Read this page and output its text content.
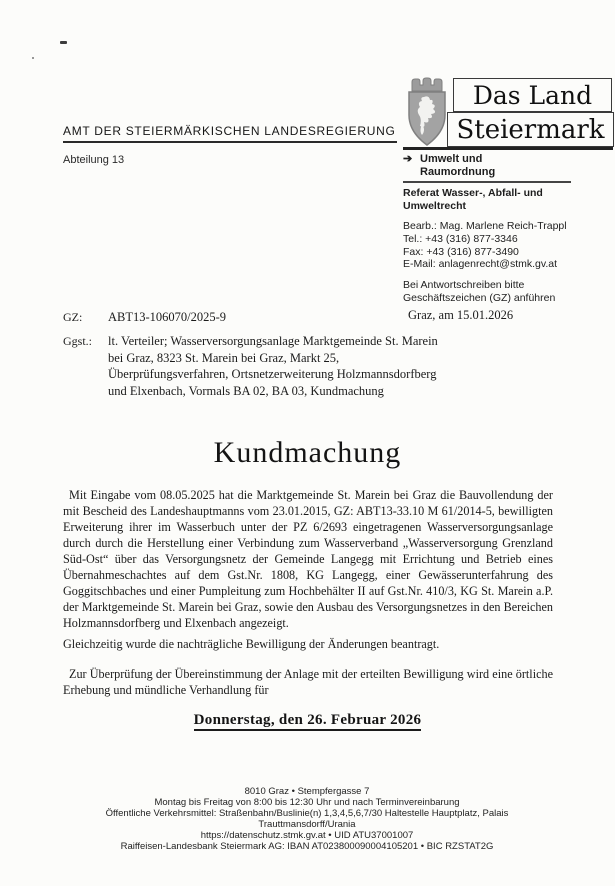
AMT DER STEIERMÄRKISCHEN LANDESREGIERUNG
Abteilung 13
Das Land
Steiermark
➔ Umwelt und
Raumordnung
Referat Wasser-, Abfall- und
Umweltrecht
Bearb.: Mag. Marlene Reich-Trappl
Tel.: +43 (316) 877-3346
Fax: +43 (316) 877-3490
E-Mail: anlagenrecht@stmk.gv.at
Bei Antwortschreiben bitte
Geschäftszeichen (GZ) anführen
Graz, am 15.01.2026
GZ: ABT13-106070/2025-9
Ggst.: lt. Verteiler; Wasserversorgungsanlage Marktgemeinde St. Marein bei Graz, 8323 St. Marein bei Graz, Markt 25, Überprüfungsverfahren, Ortsnetzerweiterung Holzmannsdorfberg und Elxenbach, Vormals BA 02, BA 03, Kundmachung
Kundmachung
Mit Eingabe vom 08.05.2025 hat die Marktgemeinde St. Marein bei Graz die Bauvollendung der mit Bescheid des Landeshauptmanns vom 23.01.2015, GZ: ABT13-33.10 M 61/2014-5, bewilligten Erweiterung ihrer im Wasserbuch unter der PZ 6/2693 eingetragenen Wasserversorgungsanlage durch durch die Herstellung einer Verbindung zum Wasserverband „Wasserversorgung Grenzland Süd-Ost“ über das Versorgungsnetz der Gemeinde Langegg mit Errichtung und Betrieb eines Übernahmeschachtes auf dem Gst.Nr. 1808, KG Langegg, einer Gewässerunterfahrung des Goggitschbaches und einer Pumpleitung zum Hochbehälter II auf Gst.Nr. 410/3, KG St. Marein a.P. der Marktgemeinde St. Marein bei Graz, sowie den Ausbau des Versorgungsnetzes in den Bereichen Holzmannsdorfberg und Elxenbach angezeigt.
Gleichzeitig wurde die nachträgliche Bewilligung der Änderungen beantragt.
Zur Überprüfung der Übereinstimmung der Anlage mit der erteilten Bewilligung wird eine örtliche Erhebung und mündliche Verhandlung für
Donnerstag, den 26. Februar 2026
8010 Graz • Stempfergasse 7
Montag bis Freitag von 8:00 bis 12:30 Uhr und nach Terminvereinbarung
Öffentliche Verkehrsmittel: Straßenbahn/Buslinie(n) 1,3,4,5,6,7/30 Haltestelle Hauptplatz, Palais Trauttmansdorff/Urania
https://datenschutz.stmk.gv.at • UID ATU37001007
Raiffeisen-Landesbank Steiermark AG: IBAN AT023800090004105201 • BIC RZSTAT2G
